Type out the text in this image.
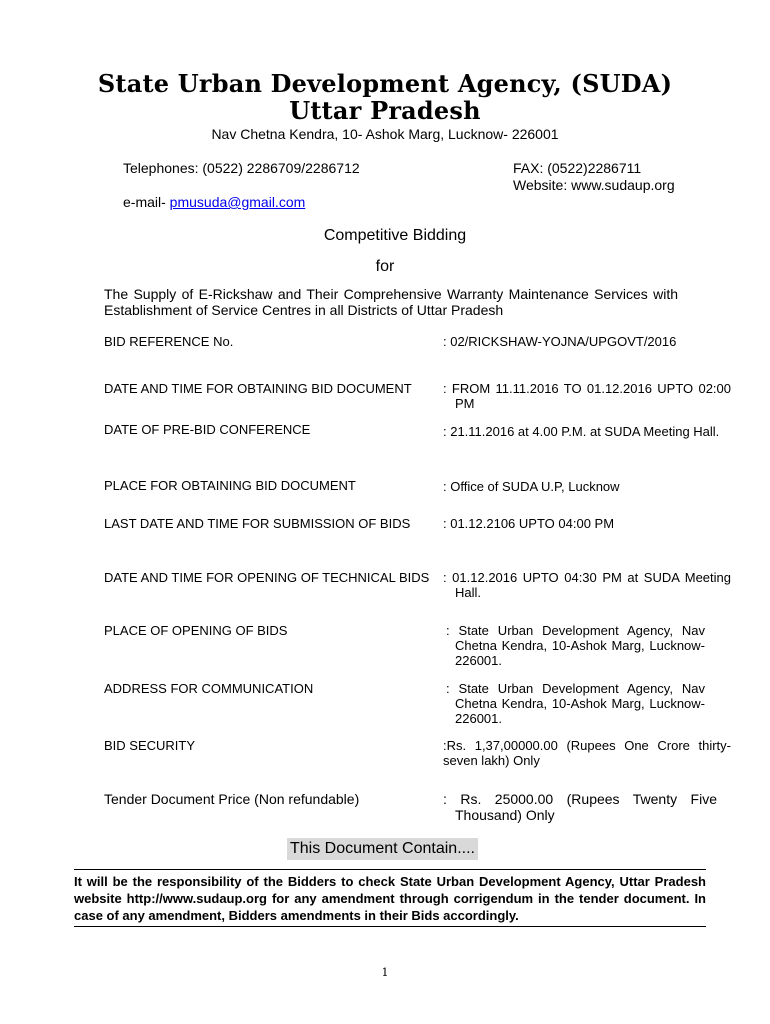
State Urban Development Agency, (SUDA)
Uttar Pradesh
Nav Chetna Kendra, 10- Ashok Marg, Lucknow- 226001
Telephones: (0522) 2286709/2286712	FAX: (0522)2286711
Website: www.sudaup.org
e-mail- pmusuda@gmail.com
Competitive Bidding
for
The Supply of E-Rickshaw and Their Comprehensive Warranty Maintenance Services with Establishment of Service Centres in all Districts of Uttar Pradesh
BID REFERENCE No.	: 02/RICKSHAW-YOJNA/UPGOVT/2016
DATE AND TIME FOR OBTAINING BID DOCUMENT	: FROM 11.11.2016 TO 01.12.2016 UPTO 02:00 PM
DATE OF PRE-BID CONFERENCE	: 21.11.2016 at 4.00 P.M. at SUDA Meeting Hall.
PLACE FOR OBTAINING BID DOCUMENT	: Office of SUDA U.P, Lucknow
LAST DATE AND TIME FOR SUBMISSION OF BIDS	: 01.12.2106 UPTO 04:00 PM
DATE AND TIME FOR OPENING OF TECHNICAL BIDS : 01.12.2016 UPTO 04:30 PM at SUDA Meeting Hall.
PLACE OF OPENING OF BIDS	: State Urban Development Agency, Nav Chetna Kendra, 10-Ashok Marg, Lucknow-226001.
ADDRESS FOR COMMUNICATION	: State Urban Development Agency, Nav Chetna Kendra, 10-Ashok Marg, Lucknow-226001.
BID SECURITY	:Rs. 1,37,00000.00 (Rupees One Crore thirty-seven lakh) Only
Tender Document Price (Non refundable)	: Rs. 25000.00 (Rupees Twenty Five Thousand) Only
This Document Contain....
It will be the responsibility of the Bidders to check State Urban Development Agency, Uttar Pradesh website http://www.sudaup.org for any amendment through corrigendum in the tender document. In case of any amendment, Bidders amendments in their Bids accordingly.
1
